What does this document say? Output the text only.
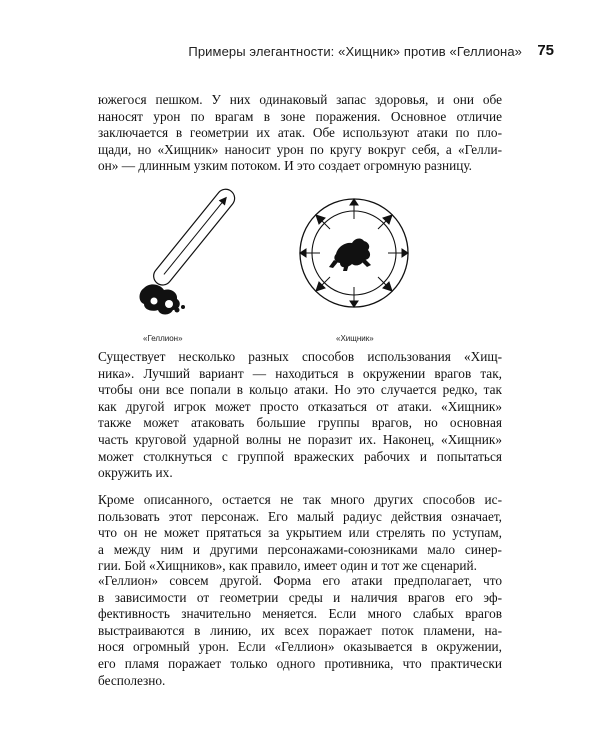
Примеры элегантности: «Хищник» против «Геллиона» 75
южегося пешком. У них одинаковый запас здоровья, и они обе
наносят урон по врагам в зоне поражения. Основное отличие
заключается в геометрии их атак. Обе используют атаки по пло-
щади, но «Хищник» наносит урон по кругу вокруг себя, а «Гелли-
он» — длинным узким потоком. И это создает огромную разницу.
«Геллион»	«Хищник»
Существует несколько разных способов использования «Хищ-
ника». Лучший вариант — находиться в окружении врагов так,
чтобы они все попали в кольцо атаки. Но это случается редко, так
как другой игрок может просто отказаться от атаки. «Хищник»
также может атаковать большие группы врагов, но основная
часть круговой ударной волны не поразит их. Наконец, «Хищник»
может столкнуться с группой вражеских рабочих и попытаться
окружить их.
Кроме описанного, остается не так много других способов ис-
пользовать этот персонаж. Его малый радиус действия означает,
что он не может прятаться за укрытием или стрелять по уступам,
а между ним и другими персонажами-союзниками мало синер-
гии. Бой «Хищников», как правило, имеет один и тот же сценарий.
«Геллион» совсем другой. Форма его атаки предполагает, что
в зависимости от геометрии среды и наличия врагов его эф-
фективность значительно меняется. Если много слабых врагов
выстраиваются в линию, их всех поражает поток пламени, на-
нося огромный урон. Если «Геллион» оказывается в окружении,
его пламя поражает только одного противника, что практически
бесполезно.
